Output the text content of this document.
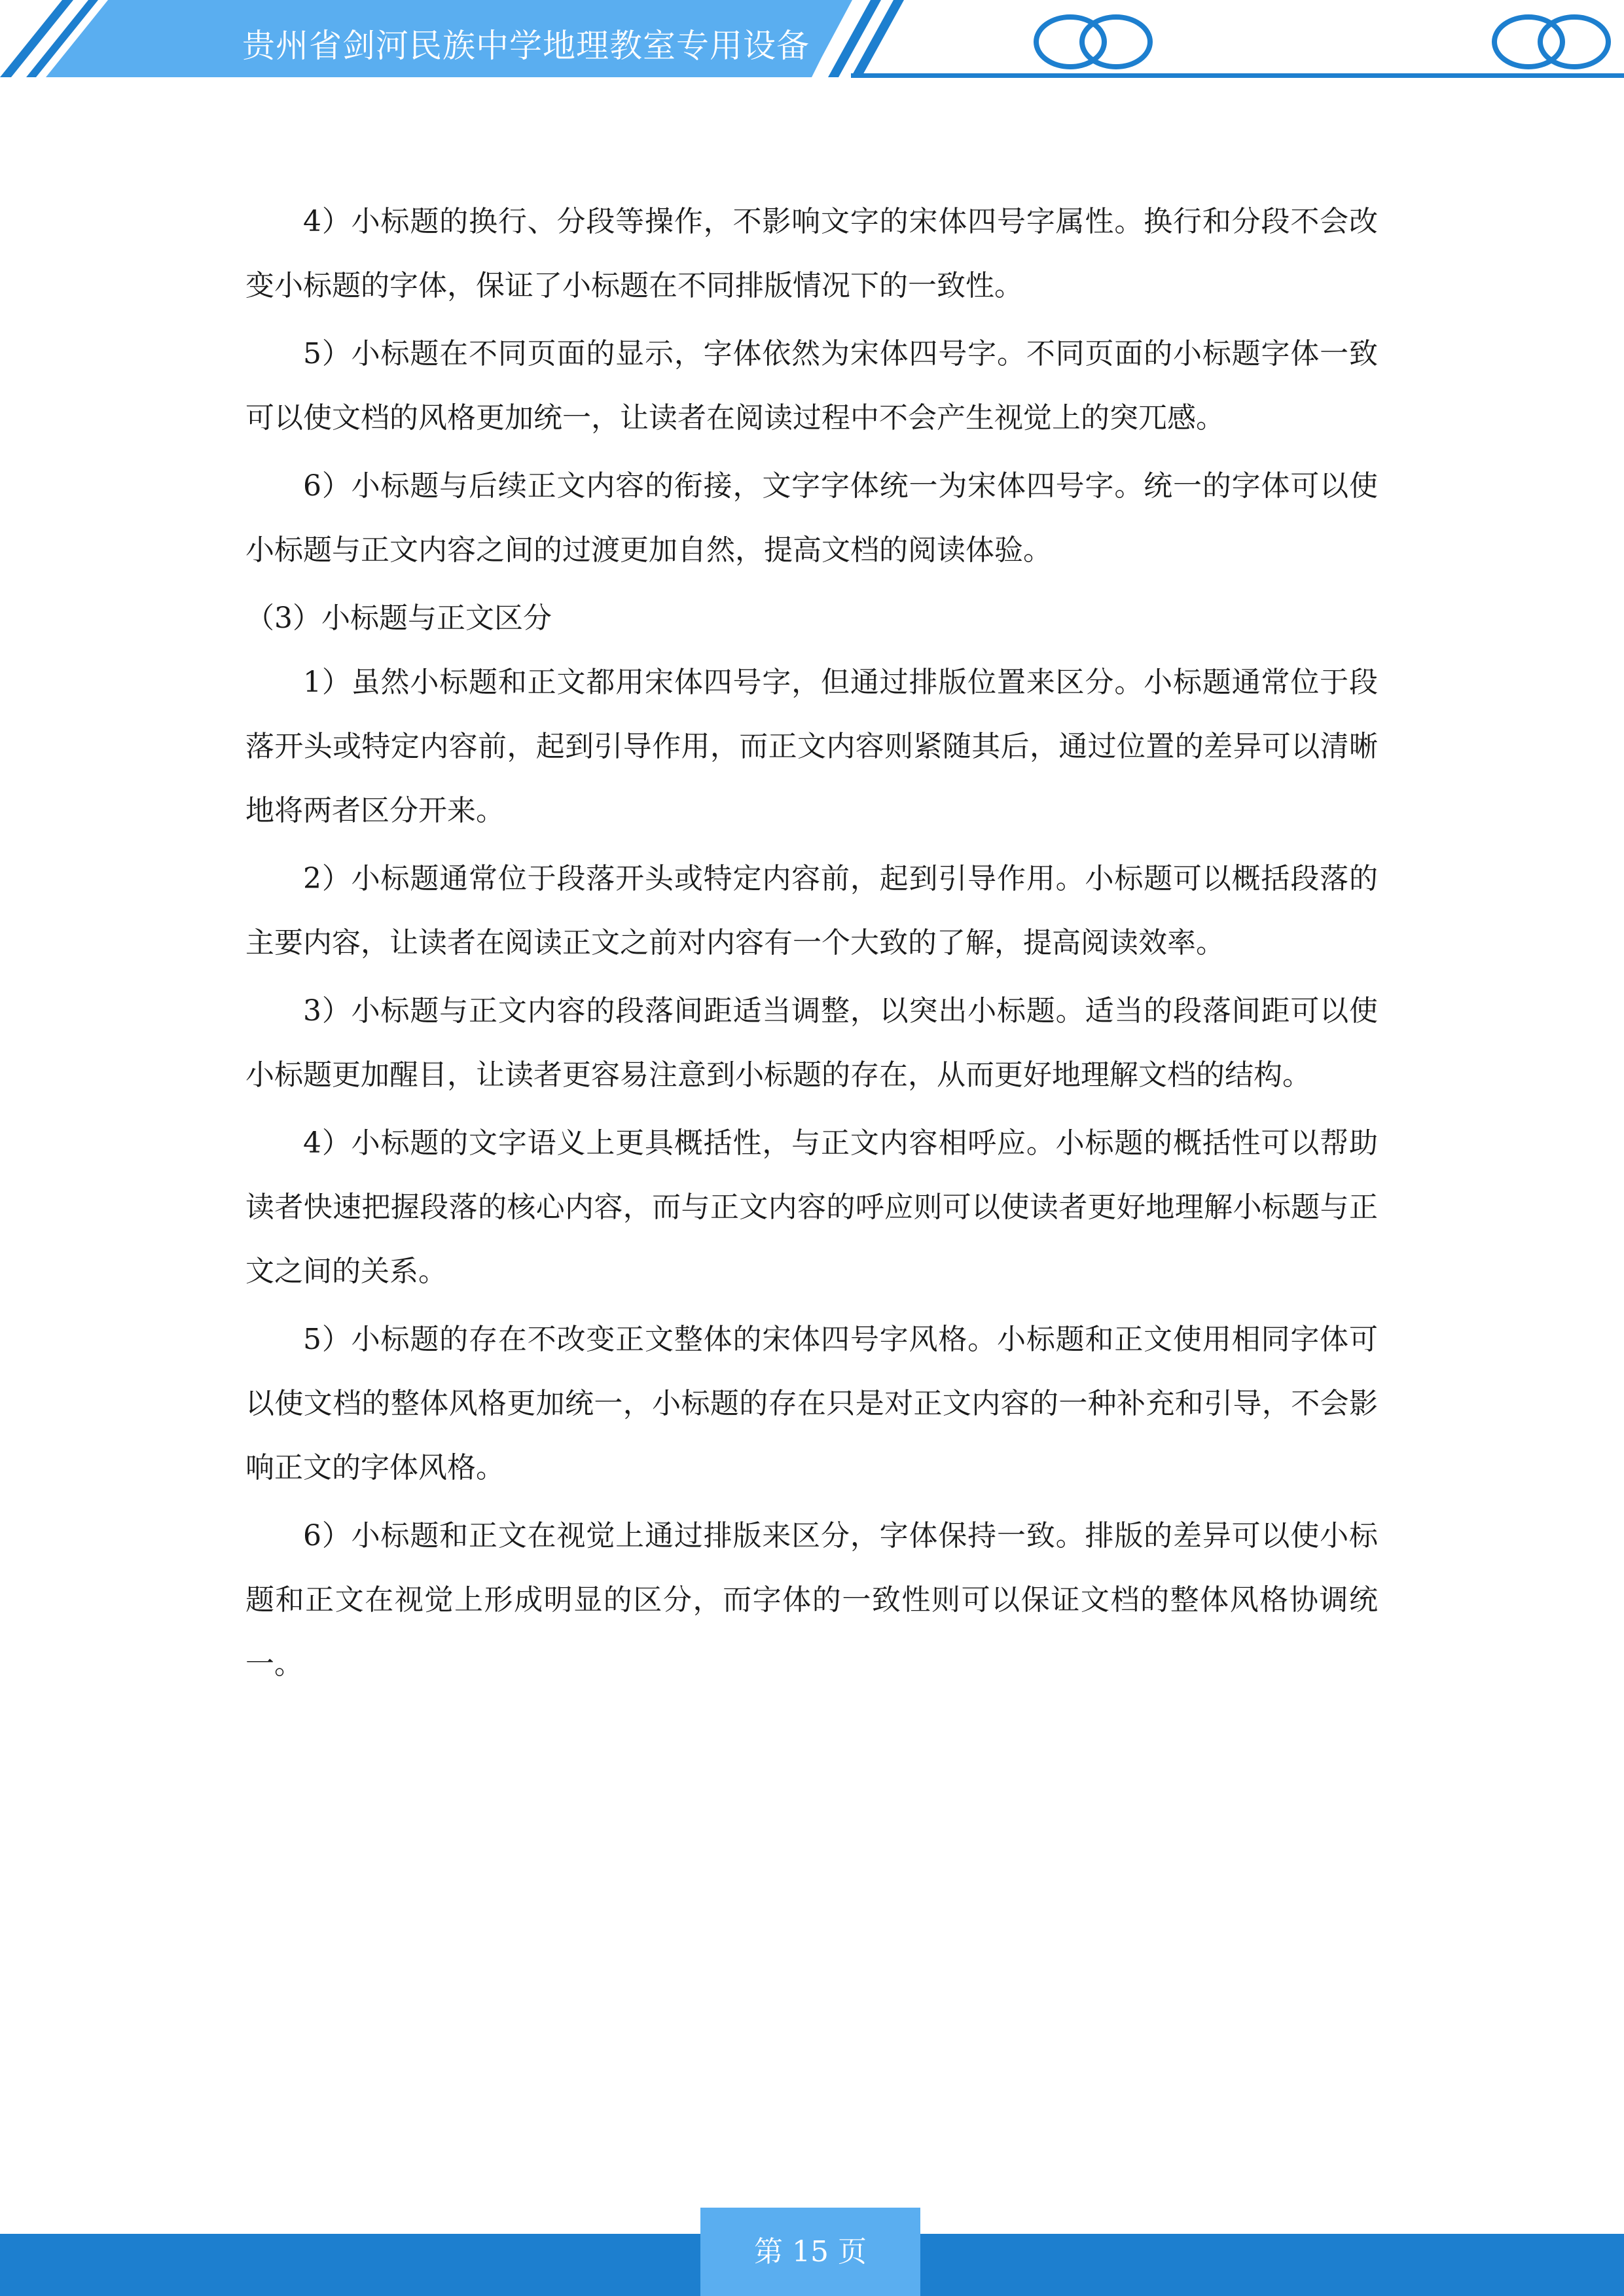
贵州省剑河民族中学地理教室专用设备

4）小标题的换行、分段等操作，不影响文字的宋体四号字属性。换行和分段不会改变小标题的字体，保证了小标题在不同排版情况下的一致性。

5）小标题在不同页面的显示，字体依然为宋体四号字。不同页面的小标题字体一致可以使文档的风格更加统一，让读者在阅读过程中不会产生视觉上的突兀感。

6）小标题与后续正文内容的衔接，文字字体统一为宋体四号字。统一的字体可以使小标题与正文内容之间的过渡更加自然，提高文档的阅读体验。

（3）小标题与正文区分

1）虽然小标题和正文都用宋体四号字，但通过排版位置来区分。小标题通常位于段落开头或特定内容前，起到引导作用，而正文内容则紧随其后，通过位置的差异可以清晰地将两者区分开来。

2）小标题通常位于段落开头或特定内容前，起到引导作用。小标题可以概括段落的主要内容，让读者在阅读正文之前对内容有一个大致的了解，提高阅读效率。

3）小标题与正文内容的段落间距适当调整，以突出小标题。适当的段落间距可以使小标题更加醒目，让读者更容易注意到小标题的存在，从而更好地理解文档的结构。

4）小标题的文字语义上更具概括性，与正文内容相呼应。小标题的概括性可以帮助读者快速把握段落的核心内容，而与正文内容的呼应则可以使读者更好地理解小标题与正文之间的关系。

5）小标题的存在不改变正文整体的宋体四号字风格。小标题和正文使用相同字体可以使文档的整体风格更加统一，小标题的存在只是对正文内容的一种补充和引导，不会影响正文的字体风格。

6）小标题和正文在视觉上通过排版来区分，字体保持一致。排版的差异可以使小标题和正文在视觉上形成明显的区分，而字体的一致性则可以保证文档的整体风格协调统一。

第 15 页
